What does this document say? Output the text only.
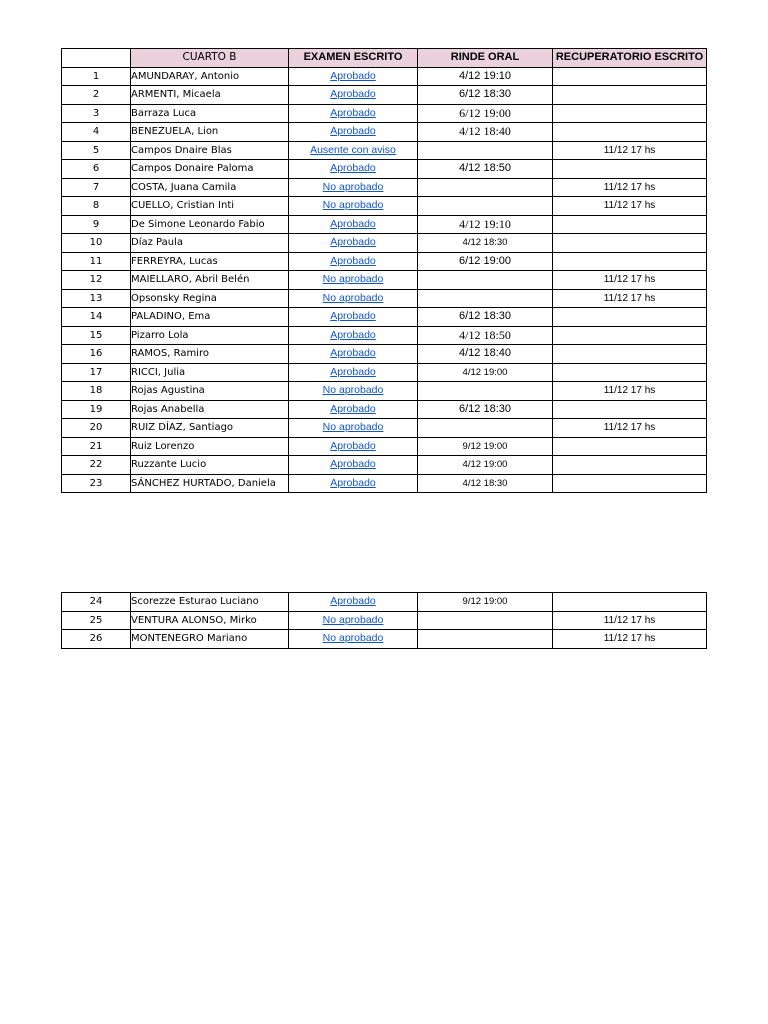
	CUARTO B	EXAMEN ESCRITO	RINDE ORAL	RECUPERATORIO ESCRITO
1	AMUNDARAY, Antonio	Aprobado	4/12 19:10	
2	ARMENTI, Micaela	Aprobado	6/12 18:30	
3	Barraza Luca	Aprobado	6/12 19:00	
4	BENEZUELA, Lion	Aprobado	4/12 18:40	
5	Campos Dnaire Blas	Ausente con aviso		11/12 17 hs
6	Campos Donaire Paloma	Aprobado	4/12 18:50	
7	COSTA, Juana Camila	No aprobado		11/12 17 hs
8	CUELLO, Cristian Inti	No aprobado		11/12 17 hs
9	De Simone Leonardo Fabio	Aprobado	4/12 19:10	
10	Díaz Paula	Aprobado	4/12 18:30	
11	FERREYRA, Lucas	Aprobado	6/12 19:00	
12	MAIELLARO, Abril Belén	No aprobado		11/12 17 hs
13	Opsonsky Regina	No aprobado		11/12 17 hs
14	PALADINO, Ema	Aprobado	6/12 18:30	
15	Pizarro Lola	Aprobado	4/12 18:50	
16	RAMOS, Ramiro	Aprobado	4/12 18:40	
17	RICCI, Julia	Aprobado	4/12 19:00	
18	Rojas Agustina	No aprobado		11/12 17 hs
19	Rojas Anabella	Aprobado	6/12 18:30	
20	RUIZ DÍAZ, Santiago	No aprobado		11/12 17 hs
21	Ruiz Lorenzo	Aprobado	9/12 19:00	
22	Ruzzante Lucio	Aprobado	4/12 19:00	
23	SÁNCHEZ HURTADO, Daniela	Aprobado	4/12 18:30	
24	Scorezze Esturao Luciano	Aprobado	9/12 19:00	
25	VENTURA ALONSO, Mirko	No aprobado		11/12 17 hs
26	MONTENEGRO Mariano	No aprobado		11/12 17 hs
